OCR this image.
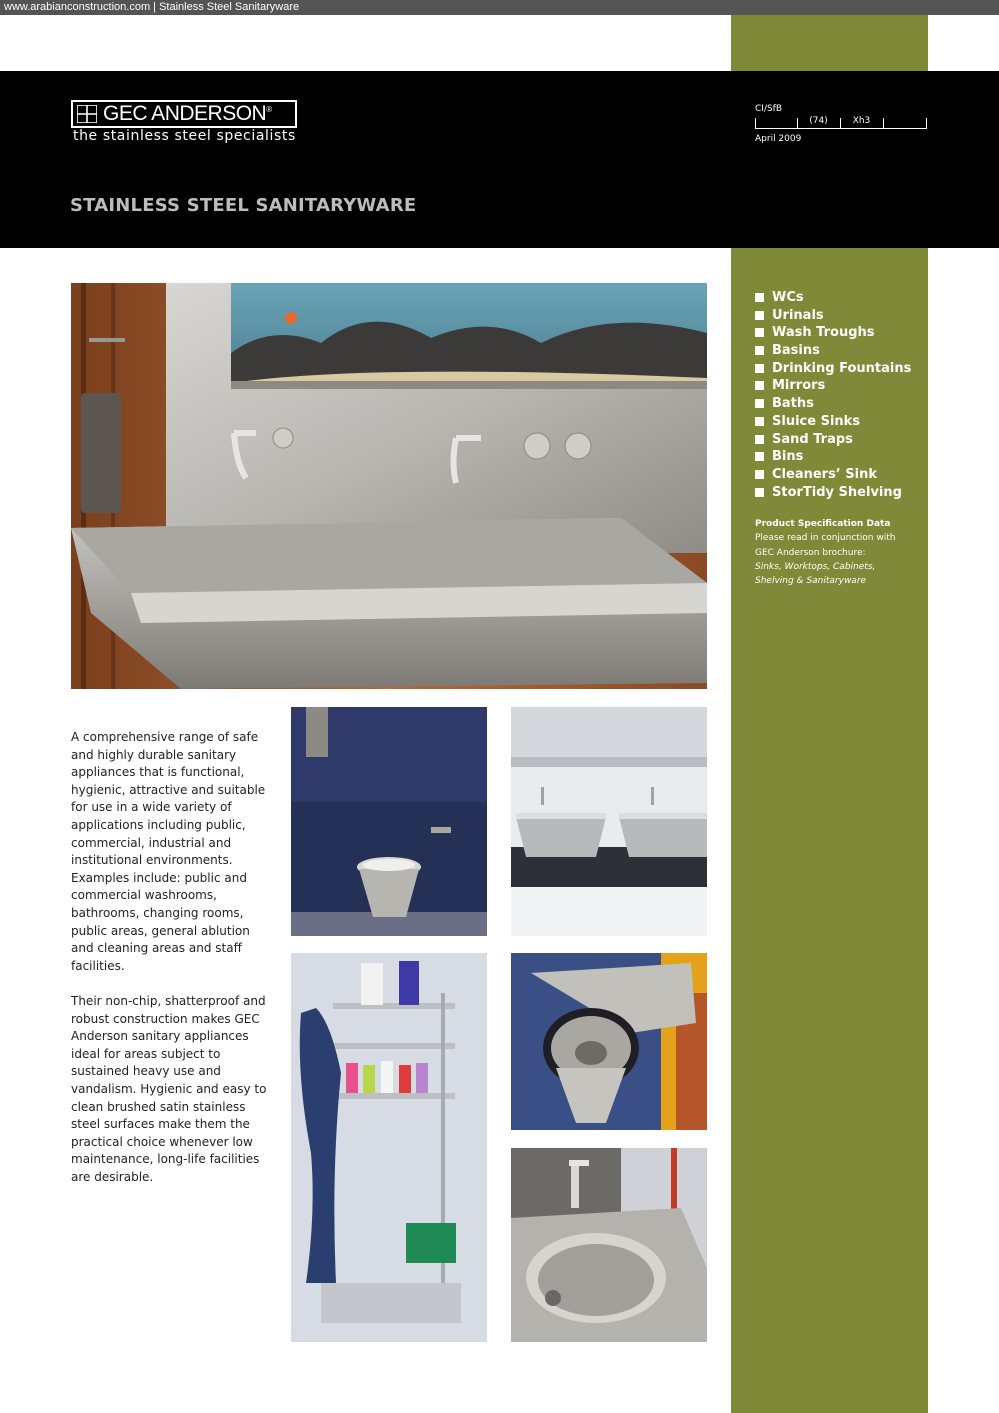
www.arabianconstruction.com | Stainless Steel Sanitaryware
GEC ANDERSON®
the stainless steel specialists
STAINLESS STEEL SANITARYWARE
CI/SfB
(74)	Xh3
April 2009
WCs
Urinals
Wash Troughs
Basins
Drinking Fountains
Mirrors
Baths
Sluice Sinks
Sand Traps
Bins
Cleaners’ Sink
StorTidy Shelving
Product Specification Data
Please read in conjunction with
GEC Anderson brochure:
Sinks, Worktops, Cabinets,
Shelving & Sanitaryware
A comprehensive range of safe and highly durable sanitary appliances that is functional, hygienic, attractive and suitable for use in a wide variety of applications including public, commercial, industrial and institutional environments. Examples include: public and commercial washrooms, bathrooms, changing rooms, public areas, general ablution and cleaning areas and staff facilities.
Their non-chip, shatterproof and robust construction makes GEC Anderson sanitary appliances ideal for areas subject to sustained heavy use and vandalism. Hygienic and easy to clean brushed satin stainless steel surfaces make them the practical choice whenever low maintenance, long-life facilities are desirable.
